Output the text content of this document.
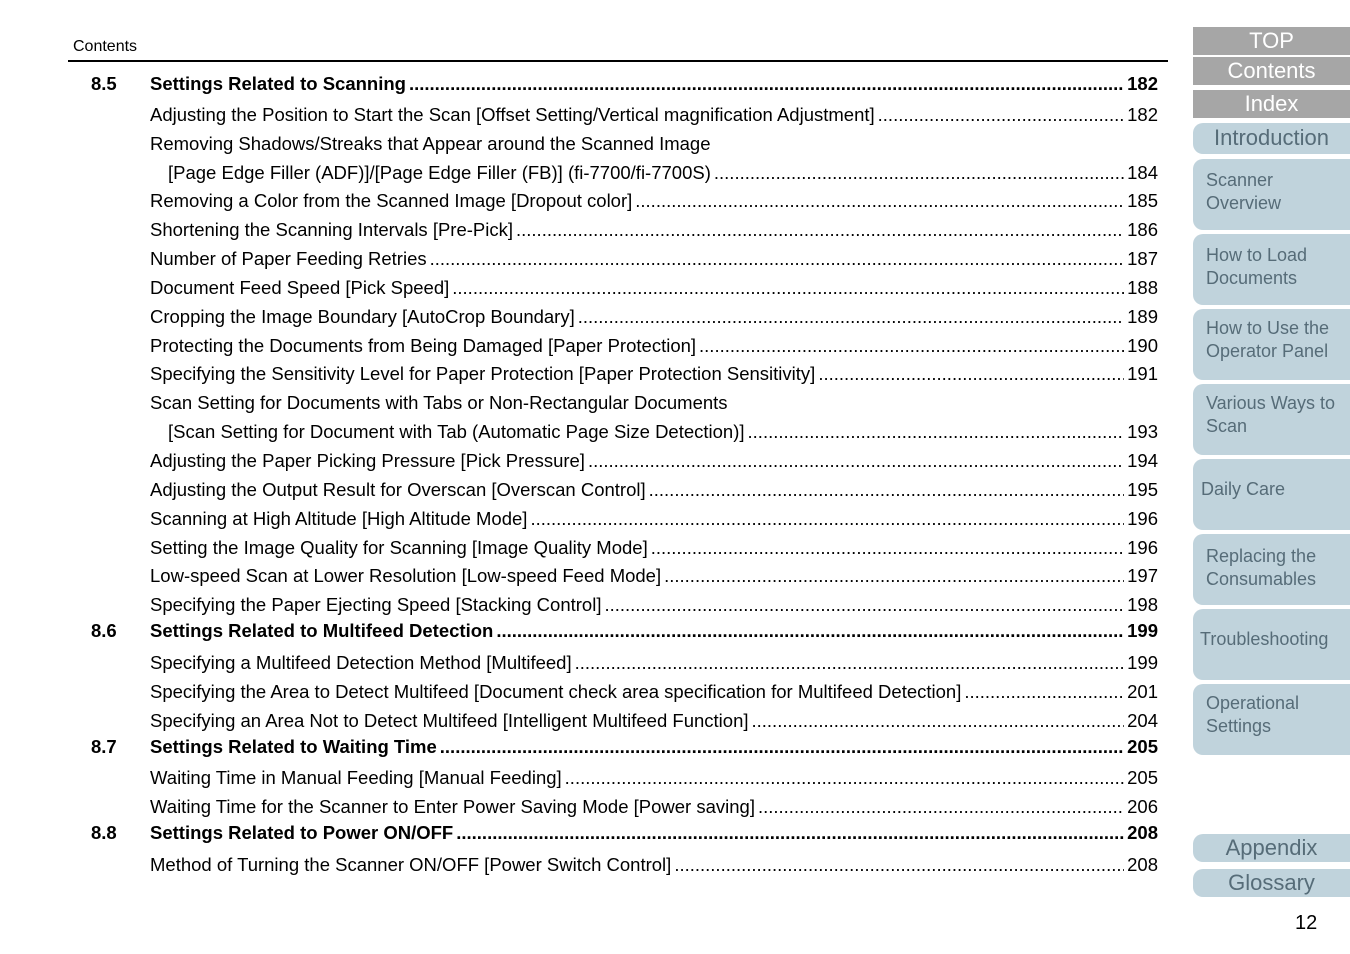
Contents
8.5 Settings Related to Scanning .....	182
Adjusting the Position to Start the Scan [Offset Setting/Vertical magnification Adjustment] .....	182
Removing Shadows/Streaks that Appear around the Scanned Image
[Page Edge Filler (ADF)]/[Page Edge Filler (FB)] (fi-7700/fi-7700S) .....	184
Removing a Color from the Scanned Image [Dropout color] .....	185
Shortening the Scanning Intervals [Pre-Pick] .....	186
Number of Paper Feeding Retries .....	187
Document Feed Speed [Pick Speed] .....	188
Cropping the Image Boundary [AutoCrop Boundary] .....	189
Protecting the Documents from Being Damaged [Paper Protection] .....	190
Specifying the Sensitivity Level for Paper Protection [Paper Protection Sensitivity] .....	191
Scan Setting for Documents with Tabs or Non-Rectangular Documents
[Scan Setting for Document with Tab (Automatic Page Size Detection)] .....	193
Adjusting the Paper Picking Pressure [Pick Pressure] .....	194
Adjusting the Output Result for Overscan [Overscan Control] .....	195
Scanning at High Altitude [High Altitude Mode] .....	196
Setting the Image Quality for Scanning [Image Quality Mode] .....	196
Low-speed Scan at Lower Resolution [Low-speed Feed Mode] .....	197
Specifying the Paper Ejecting Speed [Stacking Control] .....	198
8.6 Settings Related to Multifeed Detection .....	199
Specifying a Multifeed Detection Method [Multifeed] .....	199
Specifying the Area to Detect Multifeed [Document check area specification for Multifeed Detection] .....	201
Specifying an Area Not to Detect Multifeed [Intelligent Multifeed Function] .....	204
8.7 Settings Related to Waiting Time .....	205
Waiting Time in Manual Feeding [Manual Feeding] .....	205
Waiting Time for the Scanner to Enter Power Saving Mode [Power saving] .....	206
8.8 Settings Related to Power ON/OFF .....	208
Method of Turning the Scanner ON/OFF [Power Switch Control] .....	208
TOP
Contents
Index
Introduction
Scanner
Overview
How to Load
Documents
How to Use the
Operator Panel
Various Ways to
Scan
Daily Care
Replacing the
Consumables
Troubleshooting
Operational
Settings
Appendix
Glossary
12
